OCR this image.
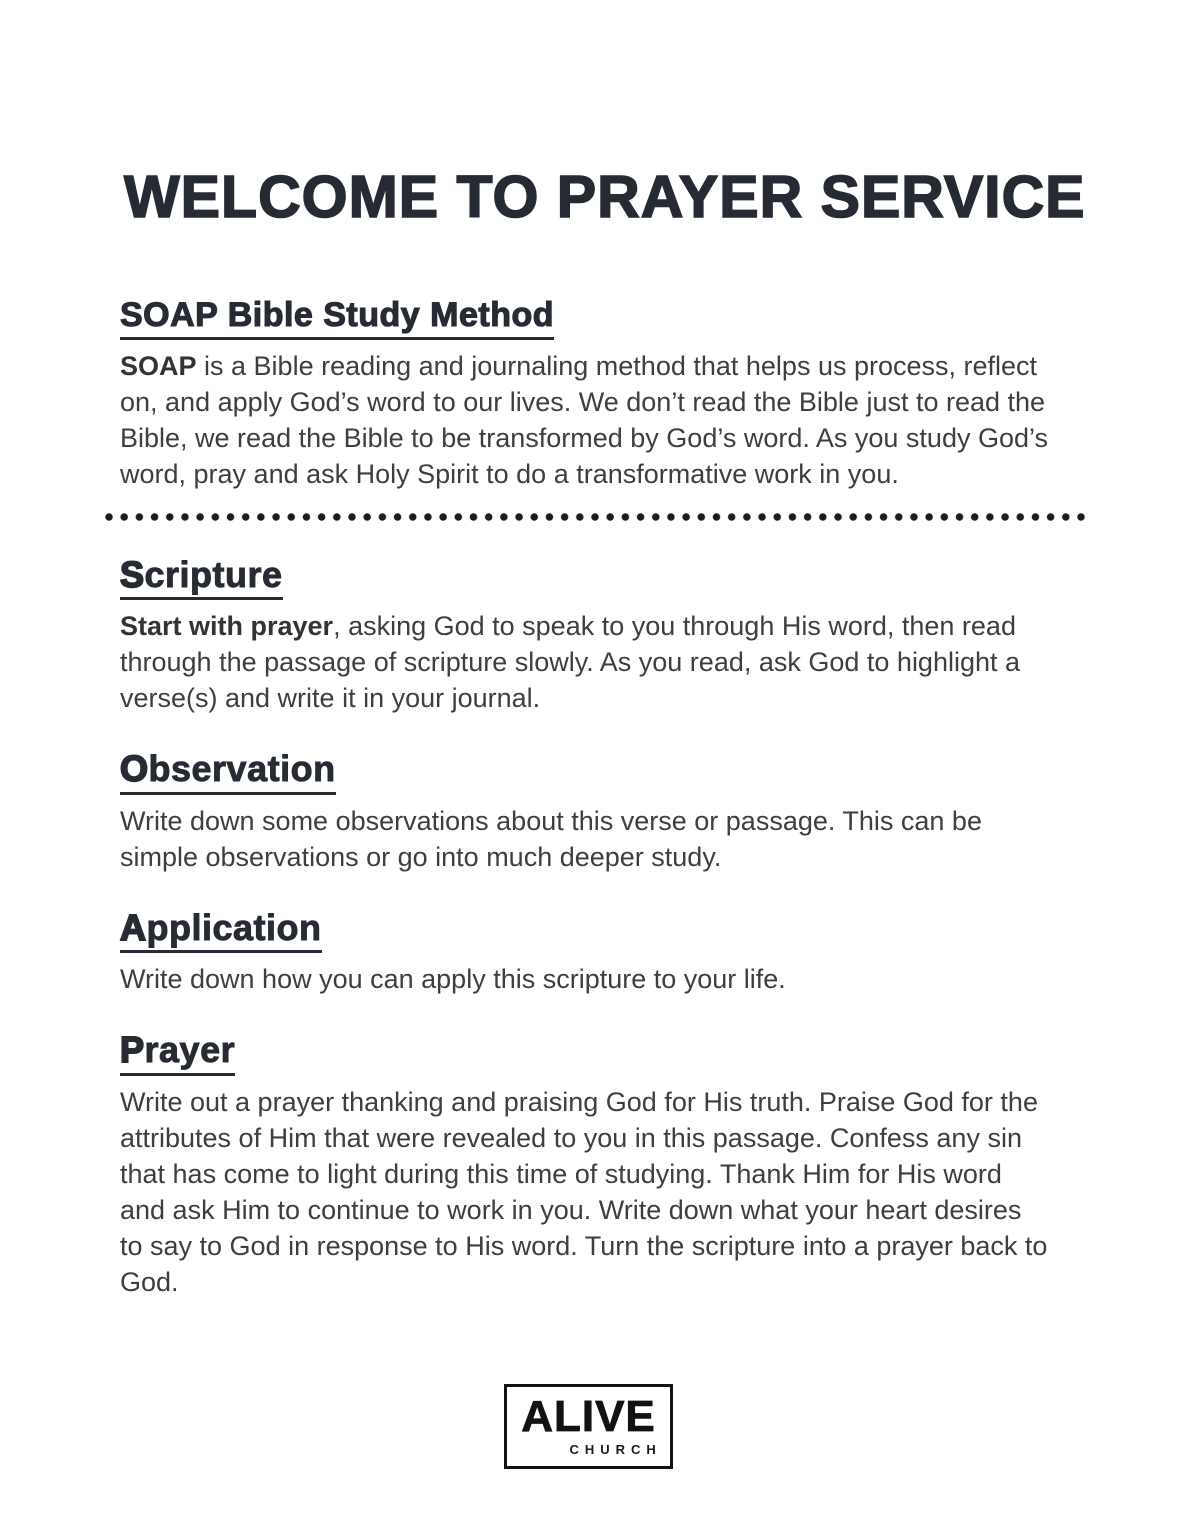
WELCOME TO PRAYER SERVICE
SOAP Bible Study Method

SOAP is a Bible reading and journaling method that helps us process, reflect on, and apply God’s word to our lives. We don’t read the Bible just to read the Bible, we read the Bible to be transformed by God’s word. As you study God’s word, pray and ask Holy Spirit to do a transformative work in you.

Scripture

Start with prayer, asking God to speak to you through His word, then read through the passage of scripture slowly. As you read, ask God to highlight a verse(s) and write it in your journal.

Observation

Write down some observations about this verse or passage. This can be simple observations or go into much deeper study.

Application

Write down how you can apply this scripture to your life.

Prayer

Write out a prayer thanking and praising God for His truth. Praise God for the attributes of Him that were revealed to you in this passage. Confess any sin that has come to light during this time of studying. Thank Him for His word and ask Him to continue to work in you. Write down what your heart desires to say to God in response to His word. Turn the scripture into a prayer back to God.

ALIVE
CHURCH
